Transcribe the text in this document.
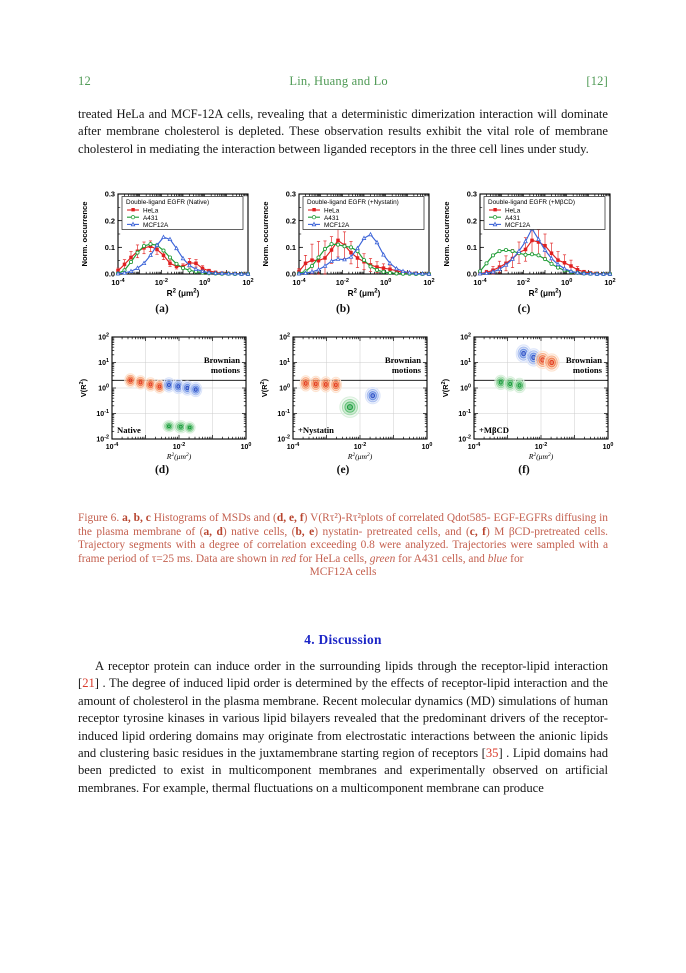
12	Lin, Huang and Lo	[12]
treated HeLa and MCF-12A cells, revealing that a deterministic dimerization interaction will dominate after membrane cholesterol is depleted. These observation results exhibit the vital role of membrane cholesterol in mediating the interaction between liganded receptors in the three cell lines under study.
$10^{-4}$	$10^{-2}$	$10^0$	$10^2$
0.0
0.1
0.2
0.3
Norm. occurrence
$R^2$ $(\mu m^2)$
Double-ligand EGFR (Native)
HeLa
A431
MCF12A
(a)
$10^{-4}$	$10^{-2}$	$10^0$	$10^2$
0.0
0.1
0.2
0.3
Norm. occurrence
$R^2$ $(\mu m^2)$
Double-ligand EGFR (+Nystatin)
HeLa
A431
MCF12A
(b)
$10^{-4}$	$10^{-2}$	$10^0$	$10^2$
0.0
0.1
0.2
0.3
Norm. occurrence
$R^2$ $(\mu m^2)$
Double-ligand EGFR (+MβCD)
HeLa
A431
MCF12A
(c)
$10^{-4}$	$10^{-2}$	$10^0$
$10^{-2}$
$10^{-1}$
$10^0$
$10^1$
$10^2$
$V(R^2)$
$R^2(\mu m^2)$
Brownian
motions
Native
(d)
$10^{-4}$	$10^{-2}$	$10^0$
$10^{-2}$
$10^{-1}$
$10^0$
$10^1$
$10^2$
$V(R^2)$
$R^2(\mu m^2)$
Brownian
motions
+Nystatin
(e)
$10^{-4}$	$10^{-2}$	$10^0$
$10^{-2}$
$10^{-1}$
$10^0$
$10^1$
$10^2$
$V(R^2)$
$R^2(\mu m^2)$
Brownian
motions
+MβCD
(f)
Figure 6. a, b, c Histograms of MSDs and (d, e, f) V(Rτ²)-Rτ²plots of correlated Qdot585- EGF-EGFRs diffusing in the plasma membrane of (a, d) native cells, (b, e) nystatin- pretreated cells, and (c, f) M βCD-pretreated cells. Trajectory segments with a degree of correlation exceeding 0.8 were analyzed. Trajectories were sampled with a frame period of τ=25 ms. Data are shown in red for HeLa cells, green for A431 cells, and blue for
MCF12A cells
4. Discussion
A receptor protein can induce order in the surrounding lipids through the receptor-lipid interaction [21] . The degree of induced lipid order is determined by the effects of receptor-lipid interaction and the amount of cholesterol in the plasma membrane. Recent molecular dynamics (MD) simulations of human receptor tyrosine kinases in various lipid bilayers revealed that the predominant drivers of the receptor-induced lipid ordering domains may originate from electrostatic interactions between the anionic lipids and clustering basic residues in the juxtamembrane starting region of receptors [35] . Lipid domains had been predicted to exist in multicomponent membranes and experimentally observed on artificial membranes. For example, thermal fluctuations on a multicomponent membrane can produce
